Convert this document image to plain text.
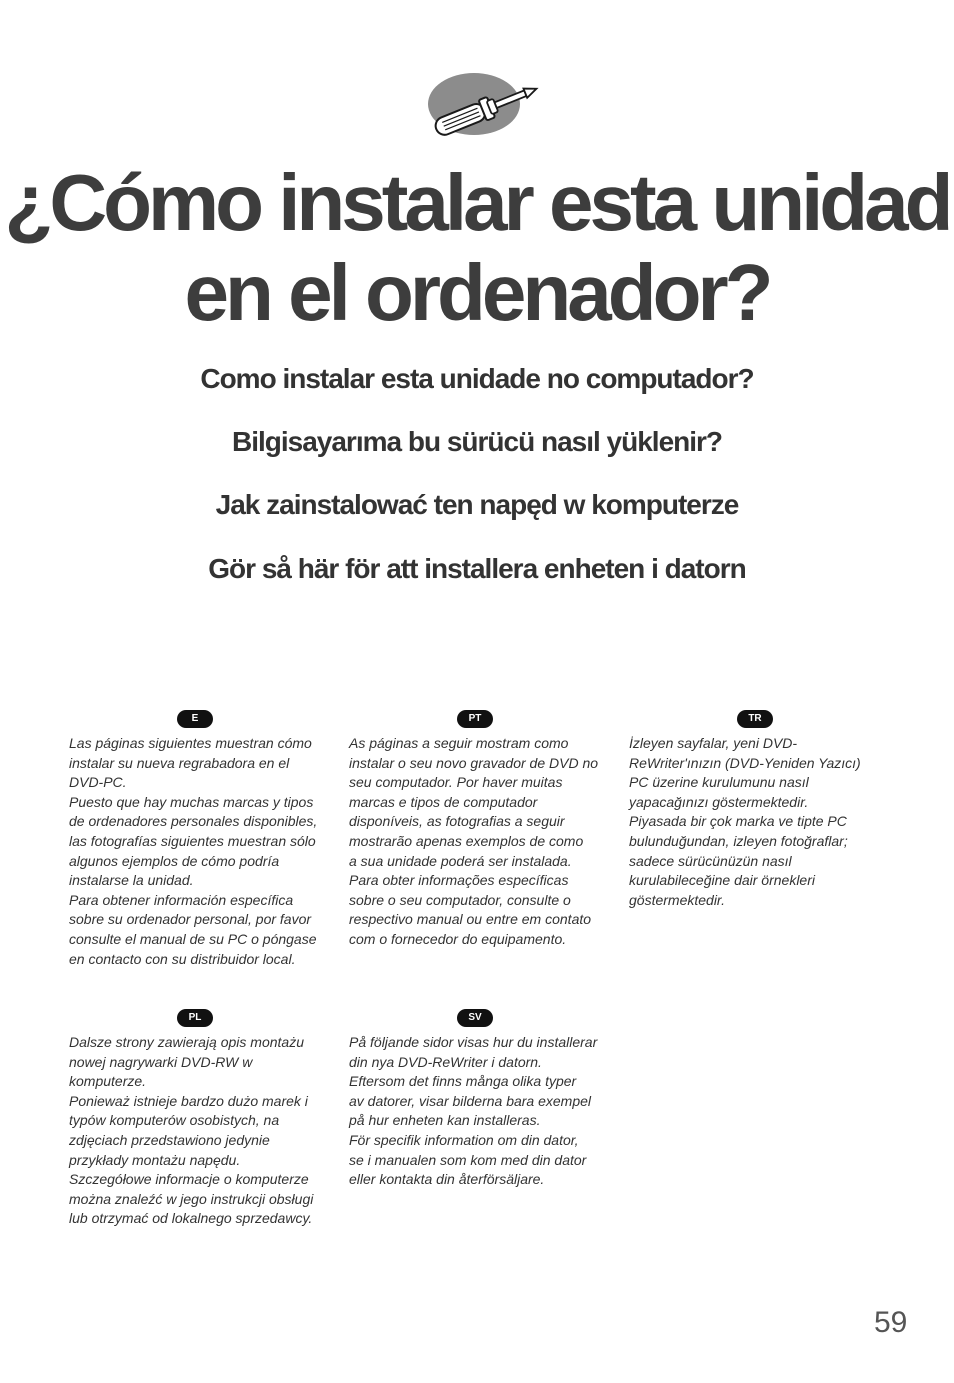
¿Cómo instalar esta unidad
en el ordenador?
Como instalar esta unidade no computador?
Bilgisayarıma bu sürücü nasıl yüklenir?
Jak zainstalować ten napęd w komputerze
Gör så här för att installera enheten i datorn
E

Las páginas siguientes muestran cómo
instalar su nueva regrabadora en el
DVD-PC.
Puesto que hay muchas marcas y tipos
de ordenadores personales disponibles,
las fotografías siguientes muestran sólo
algunos ejemplos de cómo podría
instalarse la unidad.
Para obtener información específica
sobre su ordenador personal, por favor
consulte el manual de su PC o póngase
en contacto con su distribuidor local.

PT

As páginas a seguir mostram como
instalar o seu novo gravador de DVD no
seu computador. Por haver muitas
marcas e tipos de computador
disponíveis, as fotografias a seguir
mostrarão apenas exemplos de como
a sua unidade poderá ser instalada.
Para obter informações específicas
sobre o seu computador, consulte o
respectivo manual ou entre em contato
com o fornecedor do equipamento.

TR

İzleyen sayfalar, yeni DVD-
ReWriter'ınızın (DVD-Yeniden Yazıcı)
PC üzerine kurulumunu nasıl
yapacağınızı göstermektedir.
Piyasada bir çok marka ve tipte PC
bulunduğundan, izleyen fotoğraflar;
sadece sürücünüzün nasıl
kurulabileceğine dair örnekleri
göstermektedir.

PL

Dalsze strony zawierają opis montażu
nowej nagrywarki DVD-RW w
komputerze.
Ponieważ istnieje bardzo dużo marek i
typów komputerów osobistych, na
zdjęciach przedstawiono jedynie
przykłady montażu napędu.
Szczegółowe informacje o komputerze
można znaleźć w jego instrukcji obsługi
lub otrzymać od lokalnego sprzedawcy.

SV

På följande sidor visas hur du installerar
din nya DVD-ReWriter i datorn.
Eftersom det finns många olika typer
av datorer, visar bilderna bara exempel
på hur enheten kan installeras.
För specifik information om din dator,
se i manualen som kom med din dator
eller kontakta din återförsäljare.

59
